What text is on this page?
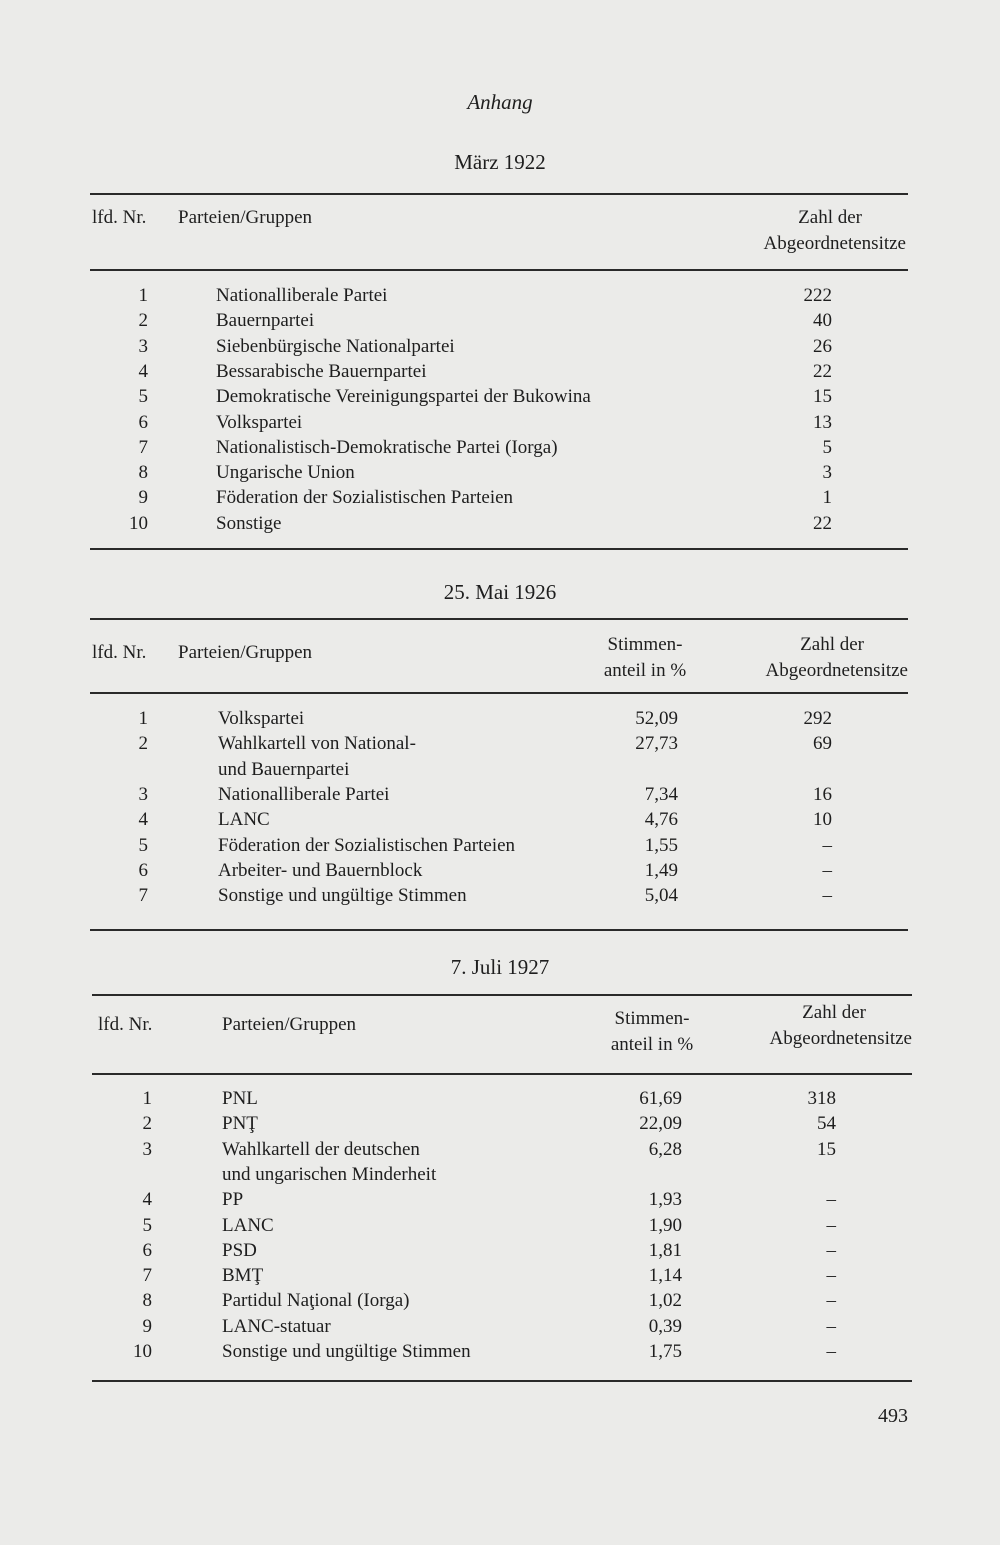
Anhang
März 1922
lfd. Nr. Parteien/Gruppen	Zahl der
Abgeordnetensitze
1	Nationalliberale Partei	222
2	Bauernpartei	40
3	Siebenbürgische Nationalpartei	26
4	Bessarabische Bauernpartei	22
5	Demokratische Vereinigungspartei der Bukowina	15
6	Volkspartei	13
7	Nationalistisch-Demokratische Partei (Iorga)	5
8	Ungarische Union	3
9	Föderation der Sozialistischen Parteien	1
10	Sonstige	22
25. Mai 1926
lfd. Nr. Parteien/Gruppen	Stimmen-
anteil in %
Zahl der
Abgeordnetensitze
1	Volkspartei	52,09	292
2	Wahlkartell von National-	27,73	69
und Bauernpartei
3	Nationalliberale Partei	7,34	16
4	LANC	4,76	10
5	Föderation der Sozialistischen Parteien	1,55	–
6	Arbeiter- und Bauernblock	1,49	–
7	Sonstige und ungültige Stimmen	5,04	–
7. Juli 1927
lfd. Nr.	Parteien/Gruppen	Stimmen-
anteil in %
Zahl der
Abgeordnetensitze
1	PNL	61,69	318
2	PNŢ	22,09	54
3	Wahlkartell der deutschen	6,28	15
und ungarischen Minderheit
4	PP	1,93	–
5	LANC	1,90	–
6	PSD	1,81	–
7	BMŢ	1,14	–
8	Partidul Naţional (Iorga)	1,02	–
9	LANC-statuar	0,39	–
10	Sonstige und ungültige Stimmen	1,75	–
493
